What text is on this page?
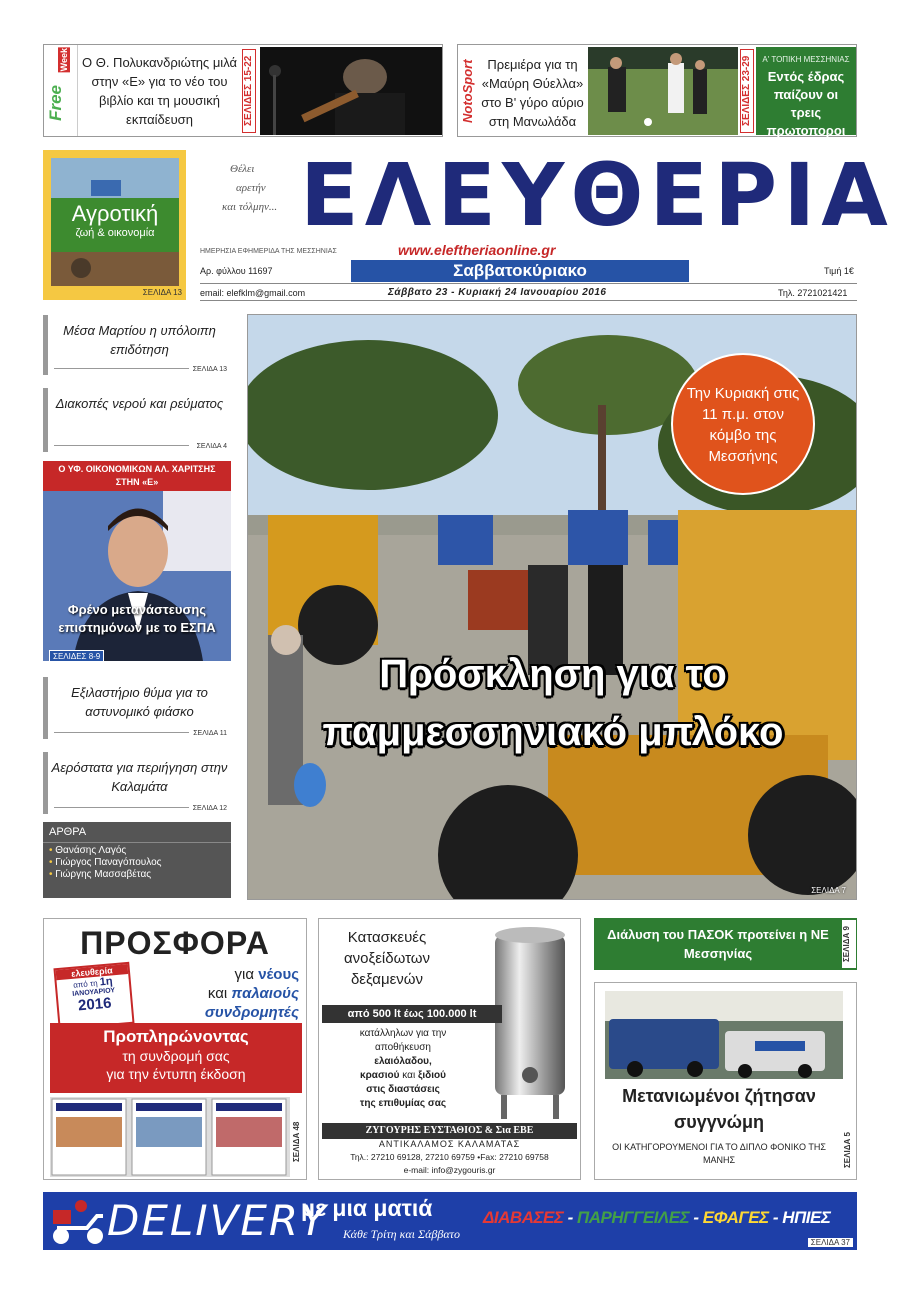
Week
Free
Ο Θ. Πολυκανδριώτης μιλά στην «Ε» για το νέο του βιβλίο και τη μουσική εκπαίδευση	ΣΕΛΙΔΕΣ 15-22	NotoSport Πρεμιέρα για τη «Μαύρη Θύελλα» στο Β' γύρο αύριο στη Μανωλάδα	ΣΕΛΙΔΕΣ 23-29	Α' ΤΟΠΙΚΗ ΜΕΣΣΗΝΙΑΣ
Εντός έδρας παίζουν οι τρεις πρωτοποροι
Αγροτική
ζωή & οικονομία
ΣΕΛΙΔΑ 13
Θέλει
αρετήν
και τόλμην... ΕΛΕΥΘΕΡΙΑ
ΗΜΕΡΗΣΙΑ ΕΦΗΜΕΡΙΔΑ ΤΗΣ ΜΕΣΣΗΝΙΑΣ	www.eleftheriaonline.gr
Αρ. φύλλου 11697	Σαββατοκύριακο	Τιμή 1€
email: elefklm@gmail.com	Σάββατο 23 - Κυριακή 24 Ιανουαρίου 2016	Τηλ. 2721021421
Μέσα Μαρτίου η υπόλοιπη επιδότηση
ΣΕΛΙΔΑ 13
Διακοπές νερού και ρεύματος
ΣΕΛΙΔΑ 4
Ο ΥΦ. ΟΙΚΟΝΟΜΙΚΩΝ ΑΛ. ΧΑΡΙΤΣΗΣ ΣΤΗΝ «Ε»
Φρένο μετανάστευσης επιστημόνων με το ΕΣΠΑ
ΣΕΛΙΔΕΣ 8-9
Εξιλαστήριο θύμα για το αστυνομικό φιάσκο
ΣΕΛΙΔΑ 11
Αερόστατα για περιήγηση στην Καλαμάτα
ΣΕΛΙΔΑ 12
ΑΡΘΡΑ
• Θανάσης Λαγός
• Γιώργος Παναγόπουλος
• Γιώργης Μασσαβέτας
Την Κυριακή στις 11 π.μ. στον κόμβο της Μεσσήνης
Πρόσκληση για το
παμμεσσηνιακό μπλόκο
ΣΕΛΙΔΑ 7
ΠΡΟΣΦΟΡΑ
ελευθερία
από τη 1η
ΙΑΝΟΥΑΡΙΟΥ
2016
για νέους
και παλαιούς
συνδρομητές
Προπληρώνοντας
τη συνδρομή σας
για την έντυπη έκδοση
ΣΕΛΙΔΑ 48
Κατασκευές ανοξείδωτων δεξαμενών
από 500 lt έως 100.000 lt
κατάλληλων για την
αποθήκευση
ελαιόλαδου,
κρασιού και ξιδιού
στις διαστάσεις
της επιθυμίας σας
ΖΥΓΟΥΡΗΣ ΕΥΣΤΑΘΙΟΣ & Σια ΕΒΕ
ΑΝΤΙΚΑΛΑΜΟΣ ΚΑΛΑΜΑΤΑΣ
Τηλ.: 27210 69128, 27210 69759 •Fax: 27210 69758
e-mail: info@zygouris.gr
Διάλυση του ΠΑΣΟΚ προτείνει η ΝΕ Μεσσηνίας	ΣΕΛΙΔΑ 9
Μετανιωμένοι ζήτησαν συγγνώμη
ΟΙ ΚΑΤΗΓΟΡΟΥΜΕΝΟΙ ΓΙΑ ΤΟ ΔΙΠΛΟ ΦΟΝΙΚΟ ΤΗΣ ΜΑΝΗΣ	ΣΕΛΙΔΑ 5
DELIVERY
με μια ματιά
Κάθε Τρίτη και Σάββατο
ΔΙΑΒΑΣΕΣ - ΠΑΡΗΓΓΕΙΛΕΣ - ΕΦΑΓΕΣ - ΗΠΙΕΣ
ΣΕΛΙΔΑ 37
